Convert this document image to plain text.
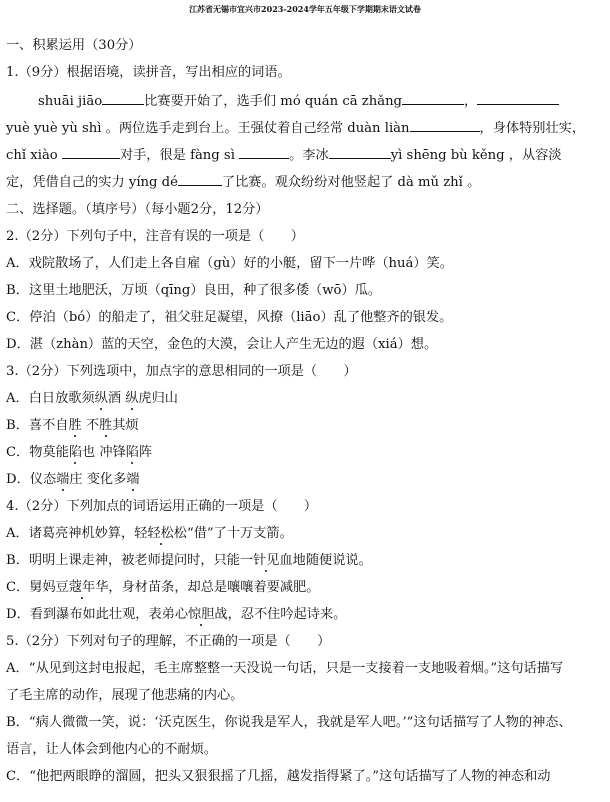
江苏省无锡市宜兴市2023-2024学年五年级下学期期末语文试卷
一、积累运用（30分）
1.（9分）根据语境，读拼音，写出相应的词语。
shuāi jiāo	比赛要开始了，选手们 mó quán cā zhǎng	，
yuè yuè yù shì 。两位选手走到台上。王强仗着自己经常 duàn liàn	，身体特别壮实，
chǐ xiào	对手，很是 fàng sì	。李冰	yì shēng bù kěng ，从容淡
定，凭借自己的实力 yíng dé	了比赛。观众纷纷对他竖起了 dà mǔ zhǐ 。
二、选择题。（填序号）（每小题2分，12分）
2.（2分）下列句子中，注音有误的一项是（　　）
A．戏院散场了，人们走上各自雇（gù）好的小艇，留下一片哗（huá）笑。
B．这里土地肥沃，万顷（qīng）良田，种了很多倭（wō）瓜。
C．停泊（bó）的船走了，祖父驻足凝望，风撩（liāo）乱了他整齐的银发。
D．湛（zhàn）蓝的天空，金色的大漠，会让人产生无边的遐（xiá）想。
3.（2分）下列选项中，加点字的意思相同的一项是（　　）
A．白日放歌须纵酒 纵虎归山
B．喜不自胜 不胜其烦
C．物莫能陷也 冲锋陷阵
D．仪态端庄 变化多端
4.（2分）下列加点的词语运用正确的一项是（　　）
A．诸葛亮神机妙算，轻轻松松“借”了十万支箭。
B．明明上课走神，被老师提问时，只能一针见血地随便说说。
C．舅妈豆蔻年华，身材苗条，却总是嚷嚷着要减肥。
D．看到瀑布如此壮观，表弟心惊胆战，忍不住吟起诗来。
5.（2分）下列对句子的理解，不正确的一项是（　　）
A．“从见到这封电报起，毛主席整整一天没说一句话，只是一支接着一支地吸着烟。”这句话描写
了毛主席的动作，展现了他悲痛的内心。
B．“病人微微一笑，说：‘沃克医生，你说我是军人，我就是军人吧。’”这句话描写了人物的神态、
语言，让人体会到他内心的不耐烦。
C．“他把两眼睁的溜圆，把头又狠狠摇了几摇，越发指得紧了。”这句话描写了人物的神态和动
